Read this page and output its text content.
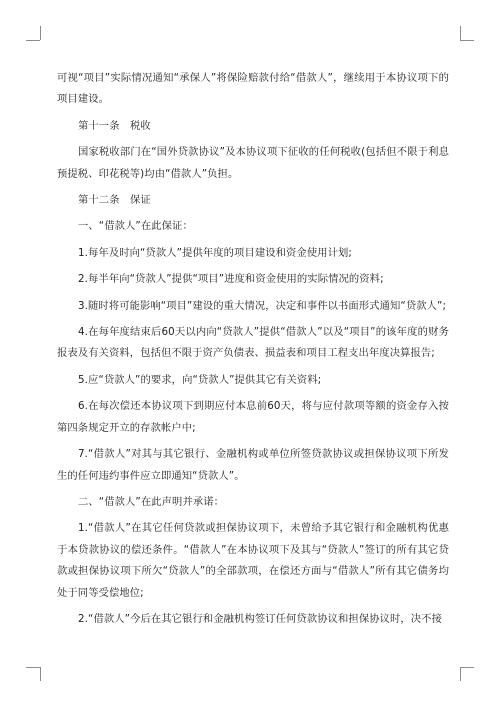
可视“项目”实际情况通知“承保人”将保险赔款付给“借款人”，继续用于本协议项下的项目建设。

第十一条　税收

国家税收部门在“国外贷款协议”及本协议项下征收的任何税收(包括但不限于利息预提税、印花税等)均由“借款人”负担。

第十二条　保证

一、“借款人”在此保证：

1.每年及时向“贷款人”提供年度的项目建设和资金使用计划;

2.每半年向“贷款人”提供“项目”进度和资金使用的实际情况的资料;

3.随时将可能影响“项目”建设的重大情况，决定和事件以书面形式通知“贷款人”;

4.在每年度结束后60天以内向“贷款人”提供“借款人”以及“项目”的该年度的财务报表及有关资料，包括但不限于资产负债表、损益表和项目工程支出年度决算报告;

5.应“贷款人”的要求，向“贷款人”提供其它有关资料;

6.在每次偿还本协议项下到期应付本息前60天，将与应付款项等额的资金存入按第四条规定开立的存款帐户中;

7.“借款人”对其与其它银行、金融机构或单位所签贷款协议或担保协议项下所发生的任何违约事件应立即通知“贷款人”。

二、“借款人”在此声明并承诺：

1.“借款人”在其它任何贷款或担保协议项下，未曾给予其它银行和金融机构优惠于本贷款协议的偿还条件。“借款人”在本协议项下及其与“贷款人”签订的所有其它贷款或担保协议项下所欠“贷款人”的全部款项，在偿还方面与“借款人”所有其它债务均处于同等受偿地位;

2.“借款人”今后在其它银行和金融机构签订任何贷款协议和担保协议时，决不接
